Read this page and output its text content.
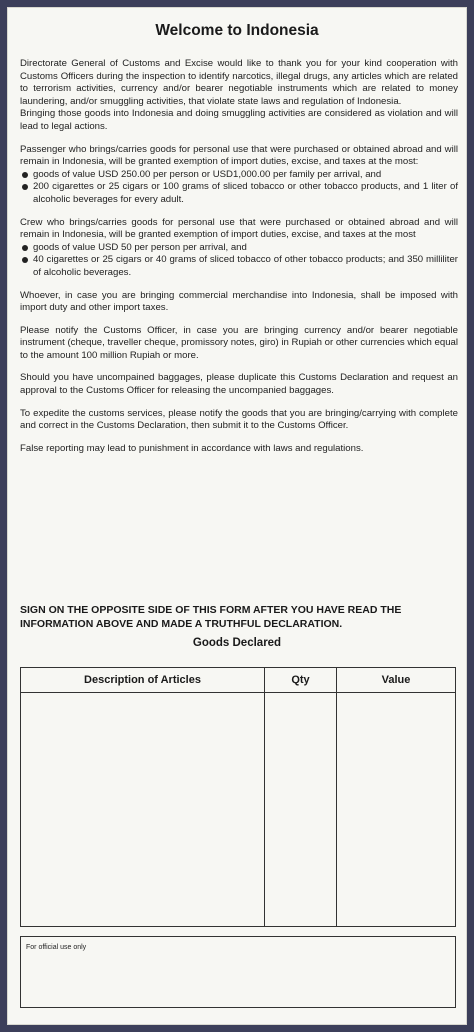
Welcome to Indonesia

Directorate General of Customs and Excise would like to thank you for your kind cooperation with Customs Officers during the inspection to identify narcotics, illegal drugs, any articles which are related to terrorism activities, currency and/or bearer negotiable instruments which are related to money laundering, and/or smuggling activities, that violate state laws and regulation of Indonesia.

Bringing those goods into Indonesia and doing smuggling activities are considered as violation and will lead to legal actions.

Passenger who brings/carries goods for personal use that were purchased or obtained abroad and will remain in Indonesia, will be granted exemption of import duties, excise, and taxes at the most:

goods of value USD 250.00 per person or USD1,000.00 per family per arrival, and
200 cigarettes or 25 cigars or 100 grams of sliced tobacco or other tobacco products, and 1 liter of alcoholic beverages for every adult.

Crew who brings/carries goods for personal use that were purchased or obtained abroad and will remain in Indonesia, will be granted exemption of import duties, excise, and taxes at the most

goods of value USD 50 per person per arrival, and
40 cigarettes or 25 cigars or 40 grams of sliced tobacco of other tobacco products; and 350 milliliter of alcoholic beverages.

Whoever, in case you are bringing commercial merchandise into Indonesia, shall be imposed with import duty and other import taxes.

Please notify the Customs Officer, in case you are bringing currency and/or bearer negotiable instrument (cheque, traveller cheque, promissory notes, giro) in Rupiah or other currencies which equal to the amount 100 million Rupiah or more.

Should you have uncompained baggages, please duplicate this Customs Declaration and request an approval to the Customs Officer for releasing the uncompanied baggages.

To expedite the customs services, please notify the goods that you are bringing/carrying with complete and correct in the Customs Declaration, then submit it to the Customs Officer.

False reporting may lead to punishment in accordance with laws and regulations.

SIGN ON THE OPPOSITE SIDE OF THIS FORM AFTER YOU HAVE READ THE INFORMATION ABOVE AND MADE A TRUTHFUL DECLARATION.
Goods Declared
Description of Articles	Qty	Value

For official use only
